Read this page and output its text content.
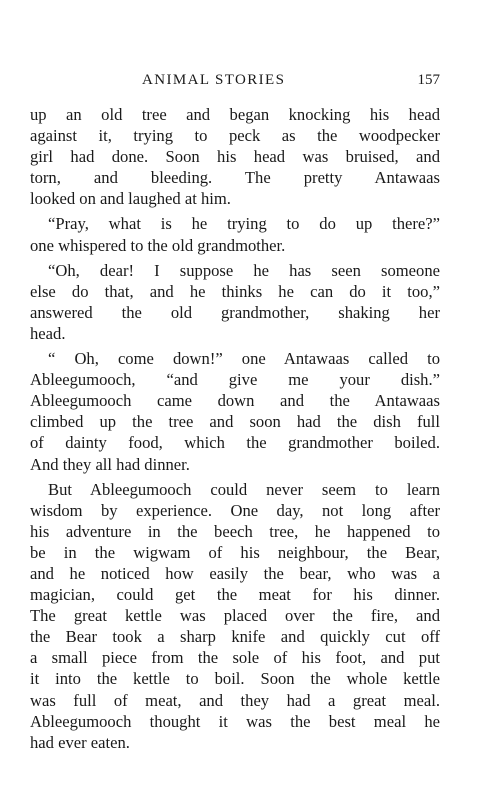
ANIMAL STORIES	157
up an old tree and began knocking his head
against it, trying to peck as the woodpecker
girl had done. Soon his head was bruised, and
torn, and bleeding. The pretty Antawaas
looked on and laughed at him.
“Pray, what is he trying to do up there?”
one whispered to the old grandmother.
“Oh, dear! I suppose he has seen someone
else do that, and he thinks he can do it too,”
answered the old grandmother, shaking her
head.
“ Oh, come down!” one Antawaas called to
Ableegumooch, “and give me your dish.”
Ableegumooch came down and the Antawaas
climbed up the tree and soon had the dish full
of dainty food, which the grandmother boiled.
And they all had dinner.
But Ableegumooch could never seem to learn
wisdom by experience. One day, not long after
his adventure in the beech tree, he happened to
be in the wigwam of his neighbour, the Bear,
and he noticed how easily the bear, who was a
magician, could get the meat for his dinner.
The great kettle was placed over the fire, and
the Bear took a sharp knife and quickly cut off
a small piece from the sole of his foot, and put
it into the kettle to boil. Soon the whole kettle
was full of meat, and they had a great meal.
Ableegumooch thought it was the best meal he
had ever eaten.
